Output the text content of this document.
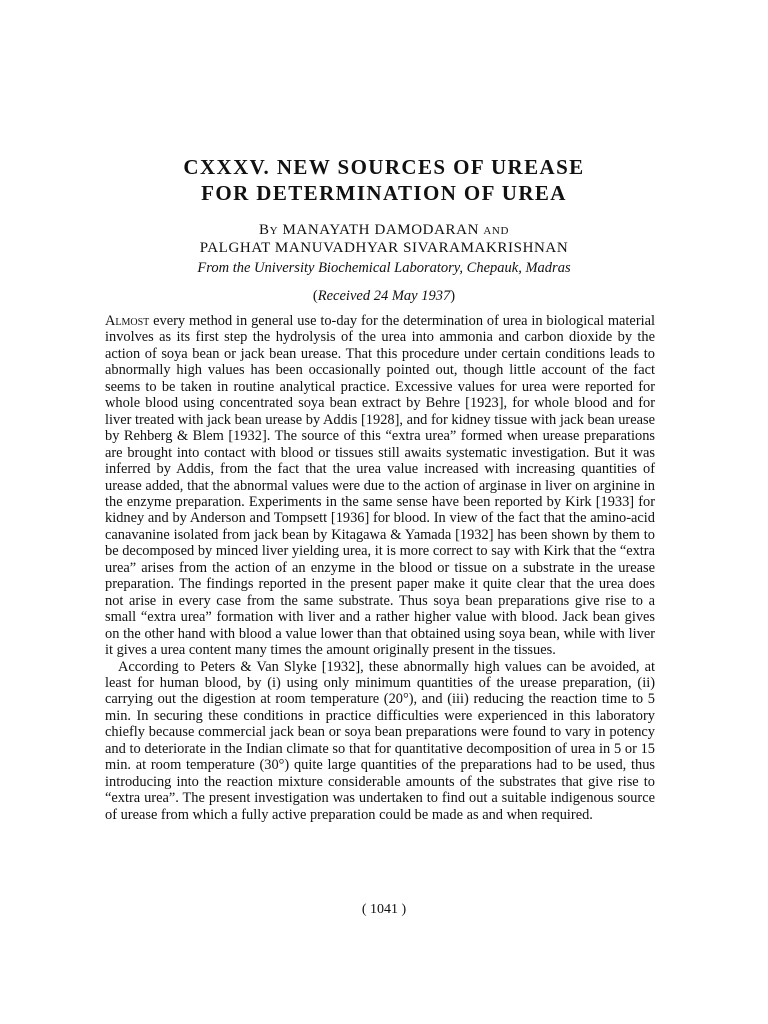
CXXXV. NEW SOURCES OF UREASE
FOR DETERMINATION OF UREA
By MANAYATH DAMODARAN and
PALGHAT MANUVADHYAR SIVARAMAKRISHNAN

From the University Biochemical Laboratory, Chepauk, Madras

(Received 24 May 1937)

Almost every method in general use to-day for the determination of urea in biological material involves as its first step the hydrolysis of the urea into ammonia and carbon dioxide by the action of soya bean or jack bean urease. That this procedure under certain conditions leads to abnormally high values has been occasionally pointed out, though little account of the fact seems to be taken in routine analytical practice. Excessive values for urea were reported for whole blood using concentrated soya bean extract by Behre [1923], for whole blood and for liver treated with jack bean urease by Addis [1928], and for kidney tissue with jack bean urease by Rehberg & Blem [1932]. The source of this “extra urea” formed when urease preparations are brought into contact with blood or tissues still awaits systematic investigation. But it was inferred by Addis, from the fact that the urea value increased with increasing quantities of urease added, that the abnormal values were due to the action of arginase in liver on arginine in the enzyme preparation. Experiments in the same sense have been reported by Kirk [1933] for kidney and by Anderson and Tompsett [1936] for blood. In view of the fact that the amino-acid canavanine isolated from jack bean by Kitagawa & Yamada [1932] has been shown by them to be decomposed by minced liver yielding urea, it is more correct to say with Kirk that the “extra urea” arises from the action of an enzyme in the blood or tissue on a substrate in the urease preparation. The findings reported in the present paper make it quite clear that the urea does not arise in every case from the same substrate. Thus soya bean preparations give rise to a small “extra urea” formation with liver and a rather higher value with blood. Jack bean gives on the other hand with blood a value lower than that obtained using soya bean, while with liver it gives a urea content many times the amount originally present in the tissues.

According to Peters & Van Slyke [1932], these abnormally high values can be avoided, at least for human blood, by (i) using only minimum quantities of the urease preparation, (ii) carrying out the digestion at room temperature (20°), and (iii) reducing the reaction time to 5 min. In securing these conditions in practice difficulties were experienced in this laboratory chiefly because commercial jack bean or soya bean preparations were found to vary in potency and to deteriorate in the Indian climate so that for quantitative decomposition of urea in 5 or 15 min. at room temperature (30°) quite large quantities of the preparations had to be used, thus introducing into the reaction mixture considerable amounts of the substrates that give rise to “extra urea”. The present investigation was undertaken to find out a suitable indigenous source of urease from which a fully active preparation could be made as and when required.

( 1041 )
